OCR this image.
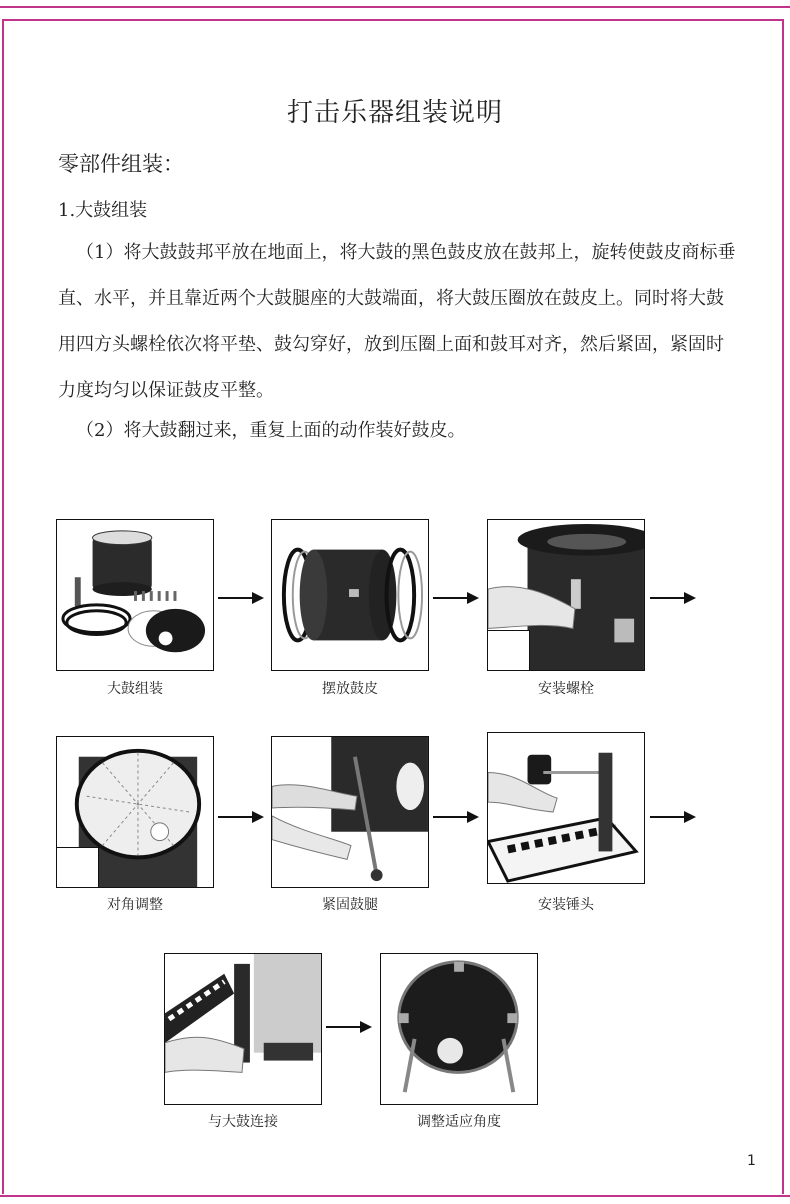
打击乐器组装说明
零部件组装：
1.大鼓组装
（1）将大鼓鼓邦平放在地面上，将大鼓的黑色鼓皮放在鼓邦上，旋转使鼓皮商标垂直、水平，并且靠近两个大鼓腿座的大鼓端面，将大鼓压圈放在鼓皮上。同时将大鼓用四方头螺栓依次将平垫、鼓勾穿好，放到压圈上面和鼓耳对齐，然后紧固，紧固时力度均匀以保证鼓皮平整。
（2）将大鼓翻过来，重复上面的动作装好鼓皮。
大鼓组装	摆放鼓皮	安装螺栓
对角调整	紧固鼓腿	安装锤头
与大鼓连接	调整适应角度
1
